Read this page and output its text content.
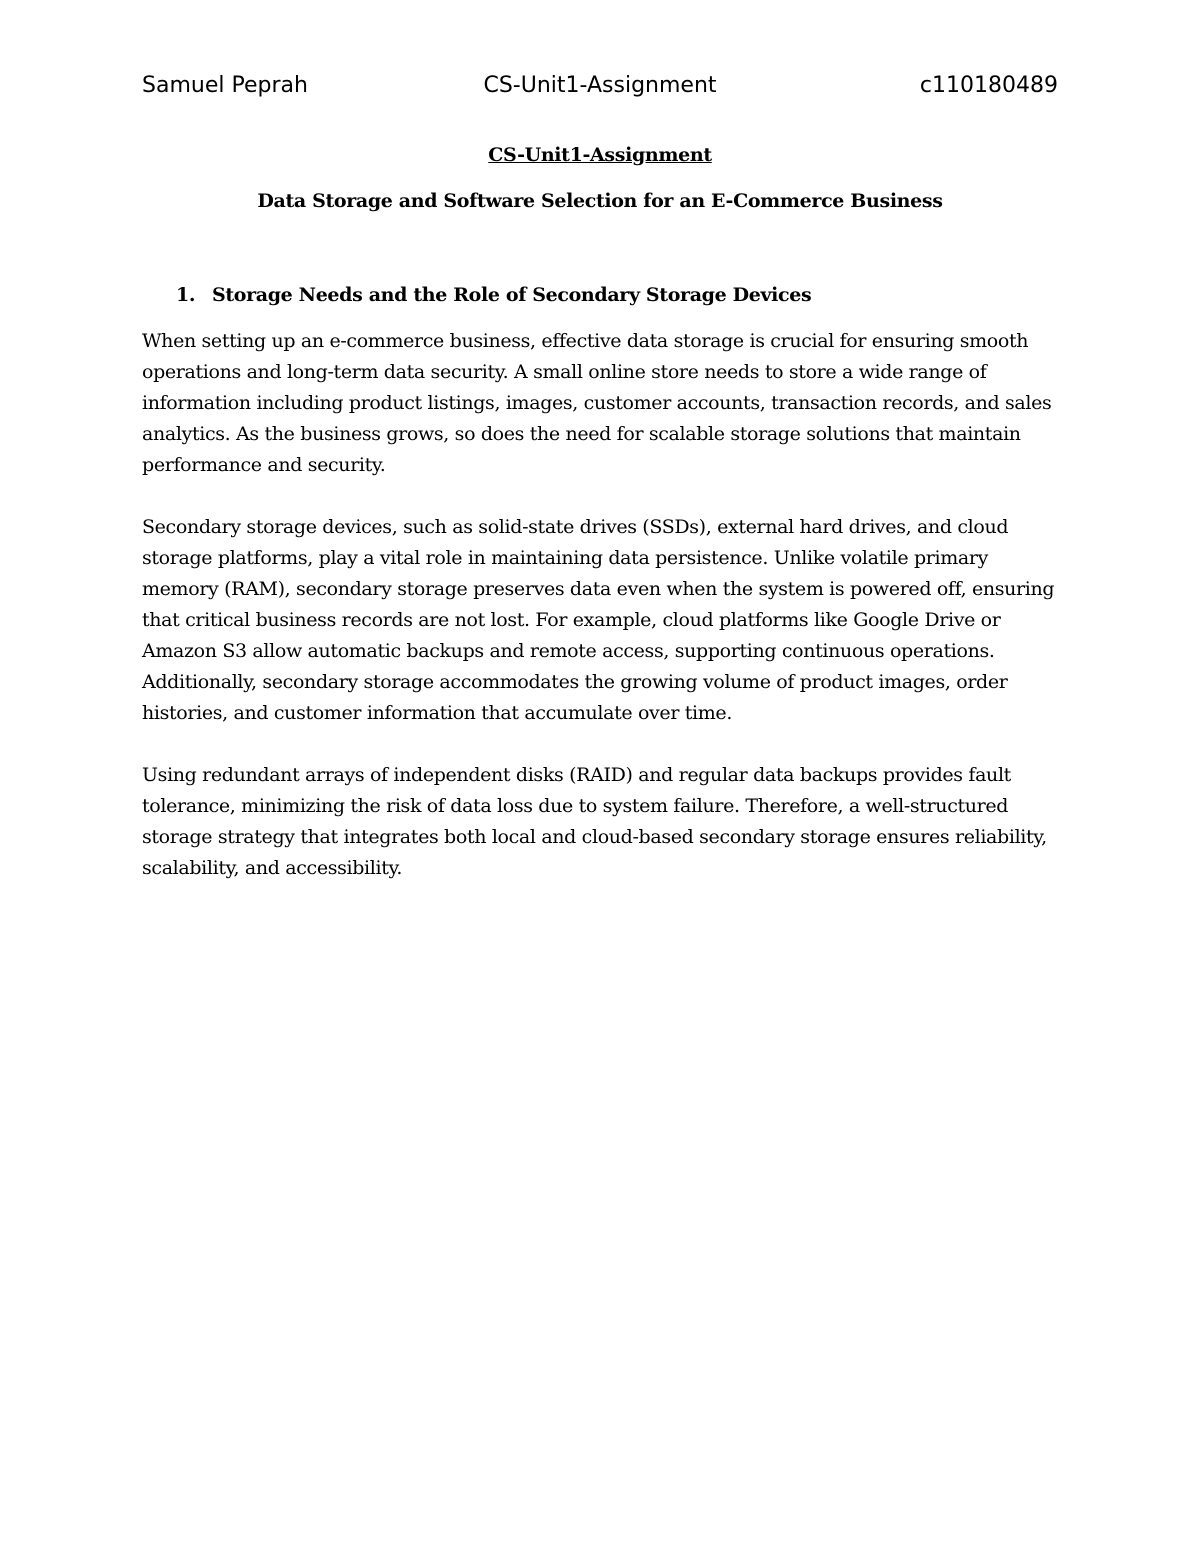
Samuel Peprah	CS-Unit1-Assignment	c110180489

CS-Unit1-Assignment

Data Storage and Software Selection for an E-Commerce Business

1. Storage Needs and the Role of Secondary Storage Devices

When setting up an e-commerce business, effective data storage is crucial for ensuring smooth operations and long-term data security. A small online store needs to store a wide range of information including product listings, images, customer accounts, transaction records, and sales analytics. As the business grows, so does the need for scalable storage solutions that maintain performance and security.

Secondary storage devices, such as solid-state drives (SSDs), external hard drives, and cloud storage platforms, play a vital role in maintaining data persistence. Unlike volatile primary memory (RAM), secondary storage preserves data even when the system is powered off, ensuring that critical business records are not lost. For example, cloud platforms like Google Drive or Amazon S3 allow automatic backups and remote access, supporting continuous operations. Additionally, secondary storage accommodates the growing volume of product images, order histories, and customer information that accumulate over time.

Using redundant arrays of independent disks (RAID) and regular data backups provides fault tolerance, minimizing the risk of data loss due to system failure. Therefore, a well-structured storage strategy that integrates both local and cloud-based secondary storage ensures reliability, scalability, and accessibility.
